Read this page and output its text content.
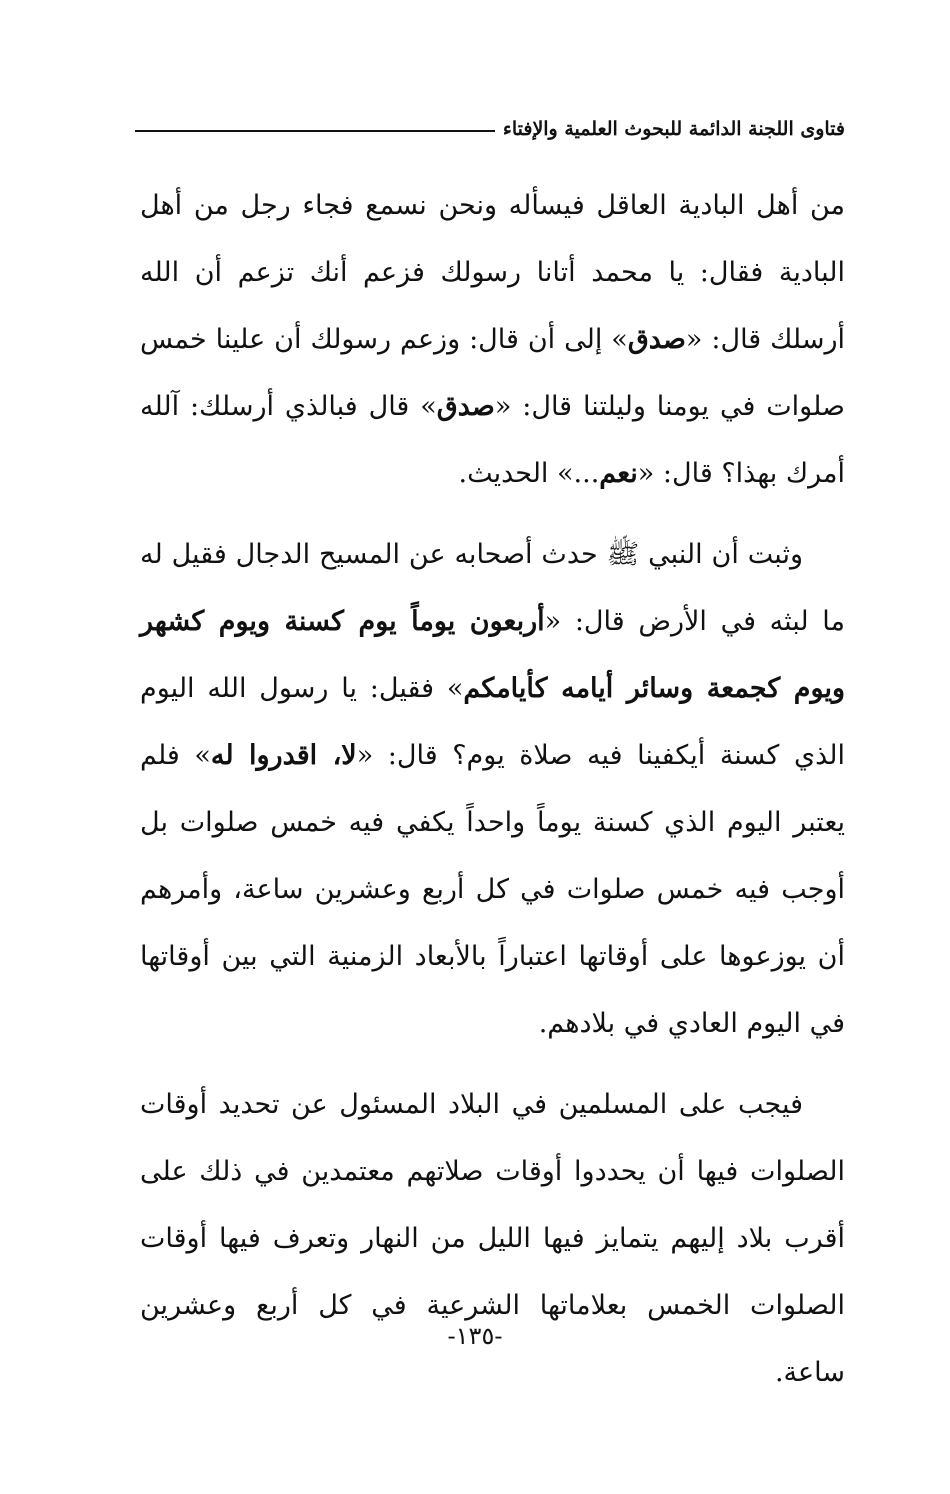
فتاوى اللجنة الدائمة للبحوث العلمية والإفتاء

من أهل البادية العاقل فيسأله ونحن نسمع فجاء رجل من أهل البادية فقال: يا محمد أتانا رسولك فزعم أنك تزعم أن الله أرسلك قال: «صدق» إلى أن قال: وزعم رسولك أن علينا خمس صلوات في يومنا وليلتنا قال: «صدق» قال فبالذي أرسلك: آلله أمرك بهذا؟ قال: «نعم...» الحديث.

وثبت أن النبي ﷺ حدث أصحابه عن المسيح الدجال فقيل له ما لبثه في الأرض قال: «أربعون يوماً يوم كسنة ويوم كشهر ويوم كجمعة وسائر أيامه كأيامكم» فقيل: يا رسول الله اليوم الذي كسنة أيكفينا فيه صلاة يوم؟ قال: «لا، اقدروا له» فلم يعتبر اليوم الذي كسنة يوماً واحداً يكفي فيه خمس صلوات بل أوجب فيه خمس صلوات في كل أربع وعشرين ساعة، وأمرهم أن يوزعوها على أوقاتها اعتباراً بالأبعاد الزمنية التي بين أوقاتها في اليوم العادي في بلادهم.

فيجب على المسلمين في البلاد المسئول عن تحديد أوقات الصلوات فيها أن يحددوا أوقات صلاتهم معتمدين في ذلك على أقرب بلاد إليهم يتمايز فيها الليل من النهار وتعرف فيها أوقات الصلوات الخمس بعلاماتها الشرعية في كل أربع وعشرين ساعة.

-١٣٥-
